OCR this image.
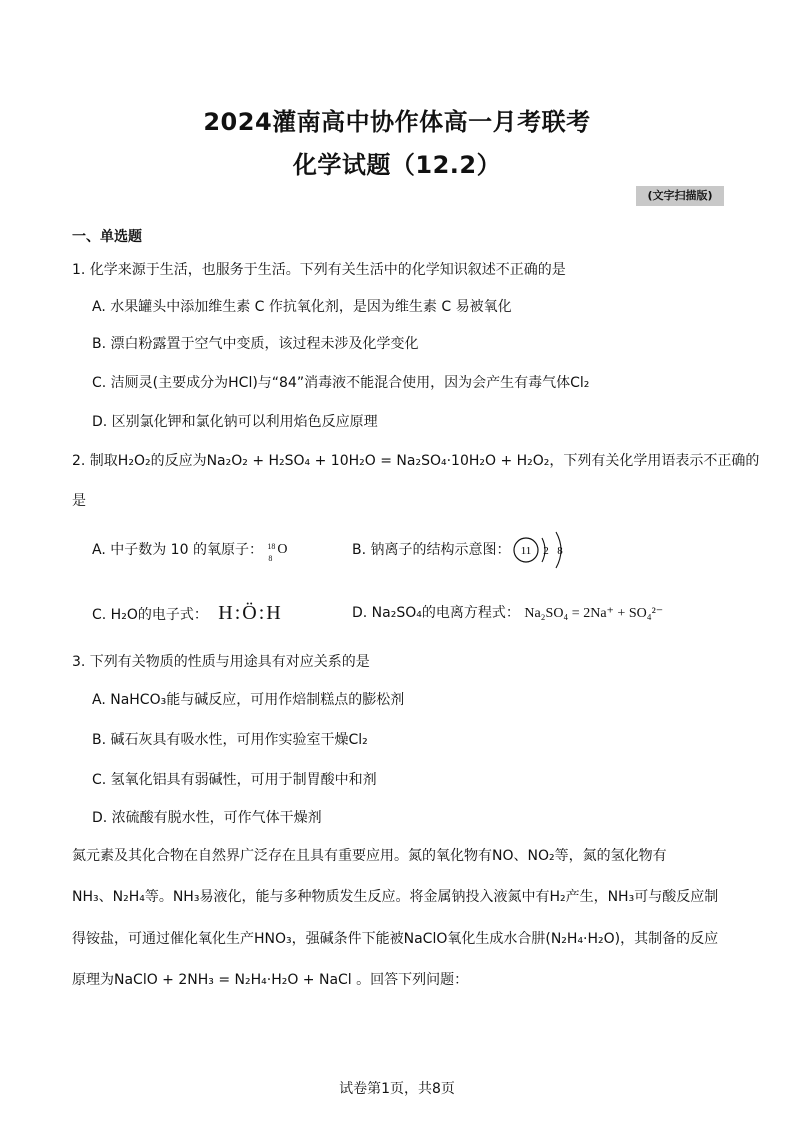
2024灌南高中协作体高一月考联考
化学试题（12.2）
(文字扫描版)
一、单选题
1. 化学来源于生活，也服务于生活。下列有关生活中的化学知识叙述不正确的是
A. 水果罐头中添加维生素 C 作抗氧化剂，是因为维生素 C 易被氧化
B. 漂白粉露置于空气中变质，该过程未涉及化学变化
C. 洁厕灵(主要成分为HCl)与“84”消毒液不能混合使用，因为会产生有毒气体Cl₂
D. 区别氯化钾和氯化钠可以利用焰色反应原理
2. 制取H₂O₂的反应为Na₂O₂ + H₂SO₄ + 10H₂O = Na₂SO₄·10H₂O + H₂O₂，下列有关化学用语表示不正确的
是
A. 中子数为 10 的氧原子： 18
8
O	B. 钠离子的结构示意图： 11 2 8
C. H₂O的电子式： H:Ö:H	D. Na₂SO₄的电离方程式： Na₂SO₄ = 2Na⁺ + SO₄²⁻
3. 下列有关物质的性质与用途具有对应关系的是
A. NaHCO₃能与碱反应，可用作焙制糕点的膨松剂
B. 碱石灰具有吸水性，可用作实验室干燥Cl₂
C. 氢氧化铝具有弱碱性，可用于制胃酸中和剂
D. 浓硫酸有脱水性，可作气体干燥剂
氮元素及其化合物在自然界广泛存在且具有重要应用。氮的氧化物有NO、NO₂等，氮的氢化物有
NH₃、N₂H₄等。NH₃易液化，能与多种物质发生反应。将金属钠投入液氮中有H₂产生，NH₃可与酸反应制
得铵盐，可通过催化氧化生产HNO₃，强碱条件下能被NaClO氧化生成水合肼(N₂H₄·H₂O)，其制备的反应
原理为NaClO + 2NH₃ = N₂H₄·H₂O + NaCl 。回答下列问题：
试卷第1页，共8页
